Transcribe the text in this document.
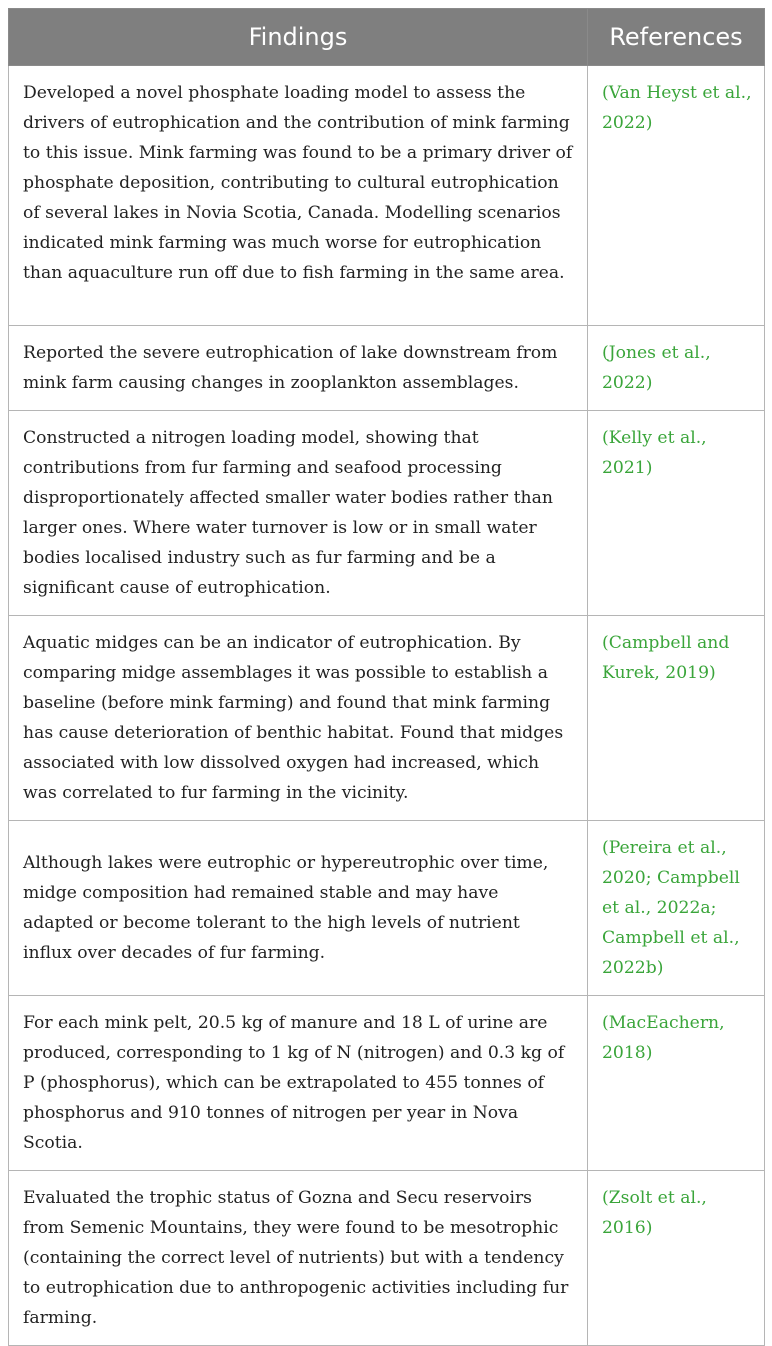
Findings	References
Developed a novel phosphate loading model to assess the drivers of eutrophication and the contribution of mink farming to this issue. Mink farming was found to be a primary driver of phosphate deposition, contributing to cultural eutrophication of several lakes in Novia Scotia, Canada. Modelling scenarios indicated mink farming was much worse for eutrophication than aquaculture run off due to fish farming in the same area.	(Van Heyst et al., 2022)
Reported the severe eutrophication of lake downstream from mink farm causing changes in zooplankton assemblages.	(Jones et al., 2022)
Constructed a nitrogen loading model, showing that contributions from fur farming and seafood processing disproportionately affected smaller water bodies rather than larger ones. Where water turnover is low or in small water bodies localised industry such as fur farming and be a significant cause of eutrophication.	(Kelly et al., 2021)
Aquatic midges can be an indicator of eutrophication. By comparing midge assemblages it was possible to establish a baseline (before mink farming) and found that mink farming has cause deterioration of benthic habitat. Found that midges associated with low dissolved oxygen had increased, which was correlated to fur farming in the vicinity.	(Campbell and Kurek, 2019)
Although lakes were eutrophic or hypereutrophic over time, midge composition had remained stable and may have adapted or become tolerant to the high levels of nutrient influx over decades of fur farming.	(Pereira et al., 2020; Campbell et al., 2022a; Campbell et al., 2022b)
For each mink pelt, 20.5 kg of manure and 18 L of urine are produced, corresponding to 1 kg of N (nitrogen) and 0.3 kg of P (phosphorus), which can be extrapolated to 455 tonnes of phosphorus and 910 tonnes of nitrogen per year in Nova Scotia.	(MacEachern, 2018)
Evaluated the trophic status of Gozna and Secu reservoirs from Semenic Mountains, they were found to be mesotrophic (containing the correct level of nutrients) but with a tendency to eutrophication due to anthropogenic activities including fur farming.	(Zsolt et al., 2016)
